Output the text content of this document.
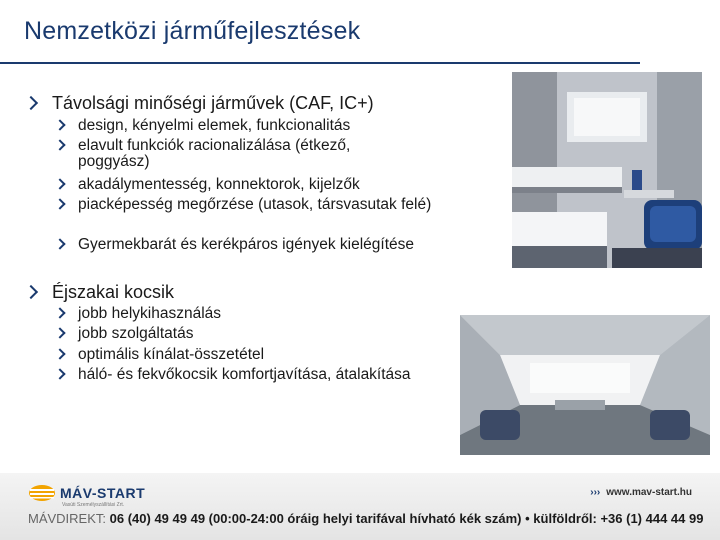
Nemzetközi járműfejlesztések
Távolsági minőségi járművek (CAF, IC+)
design, kényelmi elemek, funkcionalitás
elavult funkciók racionalizálása (étkező, poggyász)
akadálymentesség, konnektorok, kijelzők
piacképesség megőrzése (utasok, társvasutak felé)
Gyermekbarát és kerékpáros igények kielégítése
Éjszakai kocsik
jobb helykihasználás
jobb szolgáltatás
optimális kínálat-összetétel
háló- és fekvőkocsik komfortjavítása, átalakítása
MÁV-START
Vasúti Személyszállítási Zrt.
››› www.mav-start.hu
MÁVDIREKT: 06 (40) 49 49 49 (00:00-24:00 óráig helyi tarifával hívható kék szám) • külföldről: +36 (1) 444 44 99
